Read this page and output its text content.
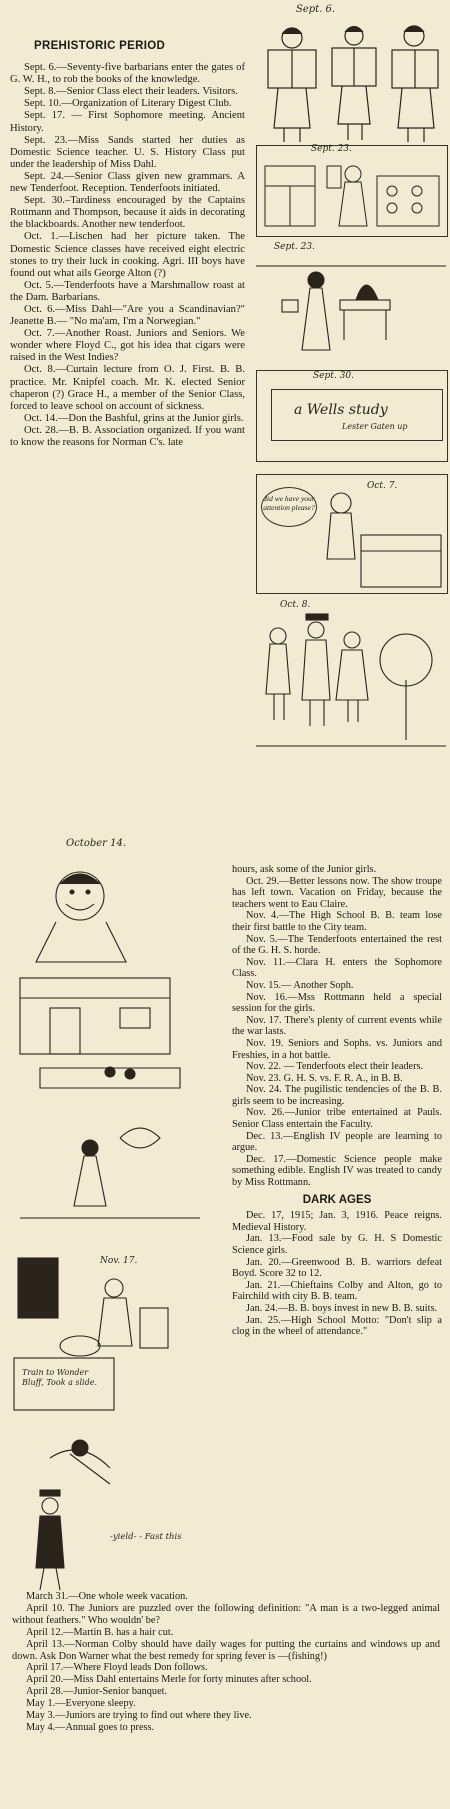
Sept. 6.
PREHISTORIC PERIOD

Sept. 6.—Seventy-five barbarians enter the gates of G. W. H., to rob the books of the knowledge.

Sept. 8.—Senior Class elect their leaders. Visitors.

Sept. 10.—Organization of Literary Digest Club.

Sept. 17. — First Sophomore meeting. Ancient History.

Sept. 23.—Miss Sands started her duties as Domestic Science teacher. U. S. History Class put under the leadership of Miss Dahl.

Sept. 24.—Senior Class given new grammars. A new Tenderfoot. Reception. Tenderfoots initiated.

Sept. 30.–Tardiness encouraged by the Captains Rottmann and Thompson, because it aids in decorating the blackboards. Another new tenderfoot.

Oct. 1.—Lischen had her picture taken. The Domestic Science classes have received eight electric stones to try their luck in cooking. Agri. III boys have found out what ails George Alton (?)

Oct. 5.—Tenderfoots have a Marshmallow roast at the Dam. Barbarians.

Oct. 6.—Miss Dahl—"Are you a Scandinavian?" Jeanette B.— "No ma'am, I'm a Norwegian."

Oct. 7.—Another Roast. Juniors and Seniors. We wonder where Floyd C., got his idea that cigars were raised in the West Indies?

Oct. 8.—Curtain lecture from O. J. First. B. B. practice. Mr. Knipfel coach. Mr. K. elected Senior chaperon (?) Grace H., a member of the Senior Class, forced to leave school on account of sickness.

Oct. 14.—Don the Bashful, grins at the Junior girls.

Oct. 28.—B. B. Association organized. If you want to know the reasons for Norman C's. late

Sept. 23.
Sept. 23.
Sept. 30.
a Wells study
Lester Gaten up
Oct. 7.
did we have your attention please?
Oct. 8.
October 14.
Nov. 17.
Train to Wonder Bluff, Took a slide.
-yield- - Fast this

hours, ask some of the Junior girls.

Oct. 29.—Better lessons now. The show troupe has left town. Vacation on Friday, because the teachers went to Eau Claire.

Nov. 4.—The High School B. B. team lose their first battle to the City team.

Nov. 5.—The Tenderfoots entertained the rest of the G. H. S. horde.

Nov. 11.—Clara H. enters the Sophomore Class.

Nov. 15.— Another Soph.

Nov. 16.—Mss Rottmann held a special session for the girls.

Nov. 17. There's plenty of current events while the war lasts.

Nov. 19. Seniors and Sophs. vs. Juniors and Freshies, in a hot battle.

Nov. 22. — Tenderfoots elect their leaders.

Nov. 23. G. H. S. vs. F. R. A., in B. B.

Nov. 24. The pugilistic tendencies of the B. B. girls seem to be increasing.

Nov. 26.—Junior tribe entertained at Pauls. Senior Class entertain the Faculty.

Dec. 13.—English IV people are learning to argue.

Dec. 17.—Domestic Science people make something edible. English IV was treated to candy by Miss Rottmann.

DARK AGES

Dec. 17, 1915; Jan. 3, 1916. Peace reigns. Medieval History.

Jan. 13.—Food sale by G. H. S Domestic Science girls.

Jan. 20.—Greenwood B. B. warriors defeat Boyd. Score 32 to 12.

Jan. 21.—Chieftains Colby and Alton, go to Fairchild with city B. B. team.

Jan. 24.—B. B. boys invest in new B. B. suits.

Jan. 25.—High School Motto: "Don't slip a clog in the wheel of attendance."

March 31.—One whole week vacation.

April 10. The Juniors are puzzled over the following definition: "A man is a two-legged animal without feathers." Who wouldn' be?

April 12.—Martin B. has a hair cut.

April 13.—Norman Colby should have daily wages for putting the curtains and windows up and down. Ask Don Warner what the best remedy for spring fever is —(fishing!)

April 17.—Where Floyd leads Don follows.

April 20.—Miss Dahl entertains Merle for forty minutes after school.

April 28.—Junior-Senior banquet.

May 1.—Everyone sleepy.

May 3.—Juniors are trying to find out where they live.

May 4.—Annual goes to press.
